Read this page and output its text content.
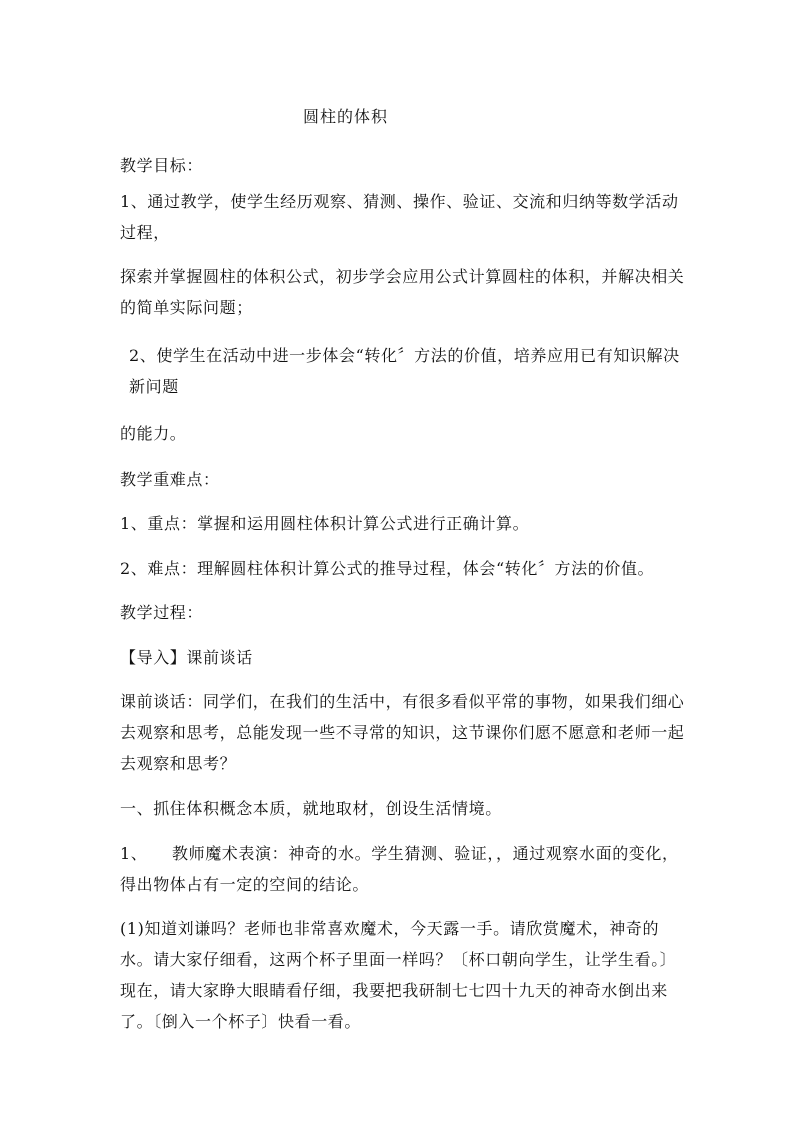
圆柱的体积
教学目标：
1、通过教学，使学生经历观察、猜测、操作、验证、交流和归纳等数学活动过程，
探索并掌握圆柱的体积公式，初步学会应用公式计算圆柱的体积，并解决相关的简单实际问题；
2、使学生在活动中进一步体会“转化〞方法的价值，培养应用已有知识解决新问题
的能力。
教学重难点：
1、重点：掌握和运用圆柱体积计算公式进行正确计算。
2、难点：理解圆柱体积计算公式的推导过程，体会“转化〞方法的价值。
教学过程：
【导入】课前谈话
课前谈话：同学们，在我们的生活中，有很多看似平常的事物，如果我们细心去观察和思考，总能发现一些不寻常的知识，这节课你们愿不愿意和老师一起去观察和思考？
一、抓住体积概念本质，就地取材，创设生活情境。
1、 教师魔术表演：神奇的水。学生猜测、验证，，通过观察水面的变化，得出物体占有一定的空间的结论。
(1)知道刘谦吗？老师也非常喜欢魔术，今天露一手。请欣赏魔术，神奇的水。请大家仔细看，这两个杯子里面一样吗？〔杯口朝向学生，让学生看。〕现在，请大家睁大眼睛看仔细，我要把我研制七七四十九天的神奇水倒出来了。〔倒入一个杯子〕快看一看。
